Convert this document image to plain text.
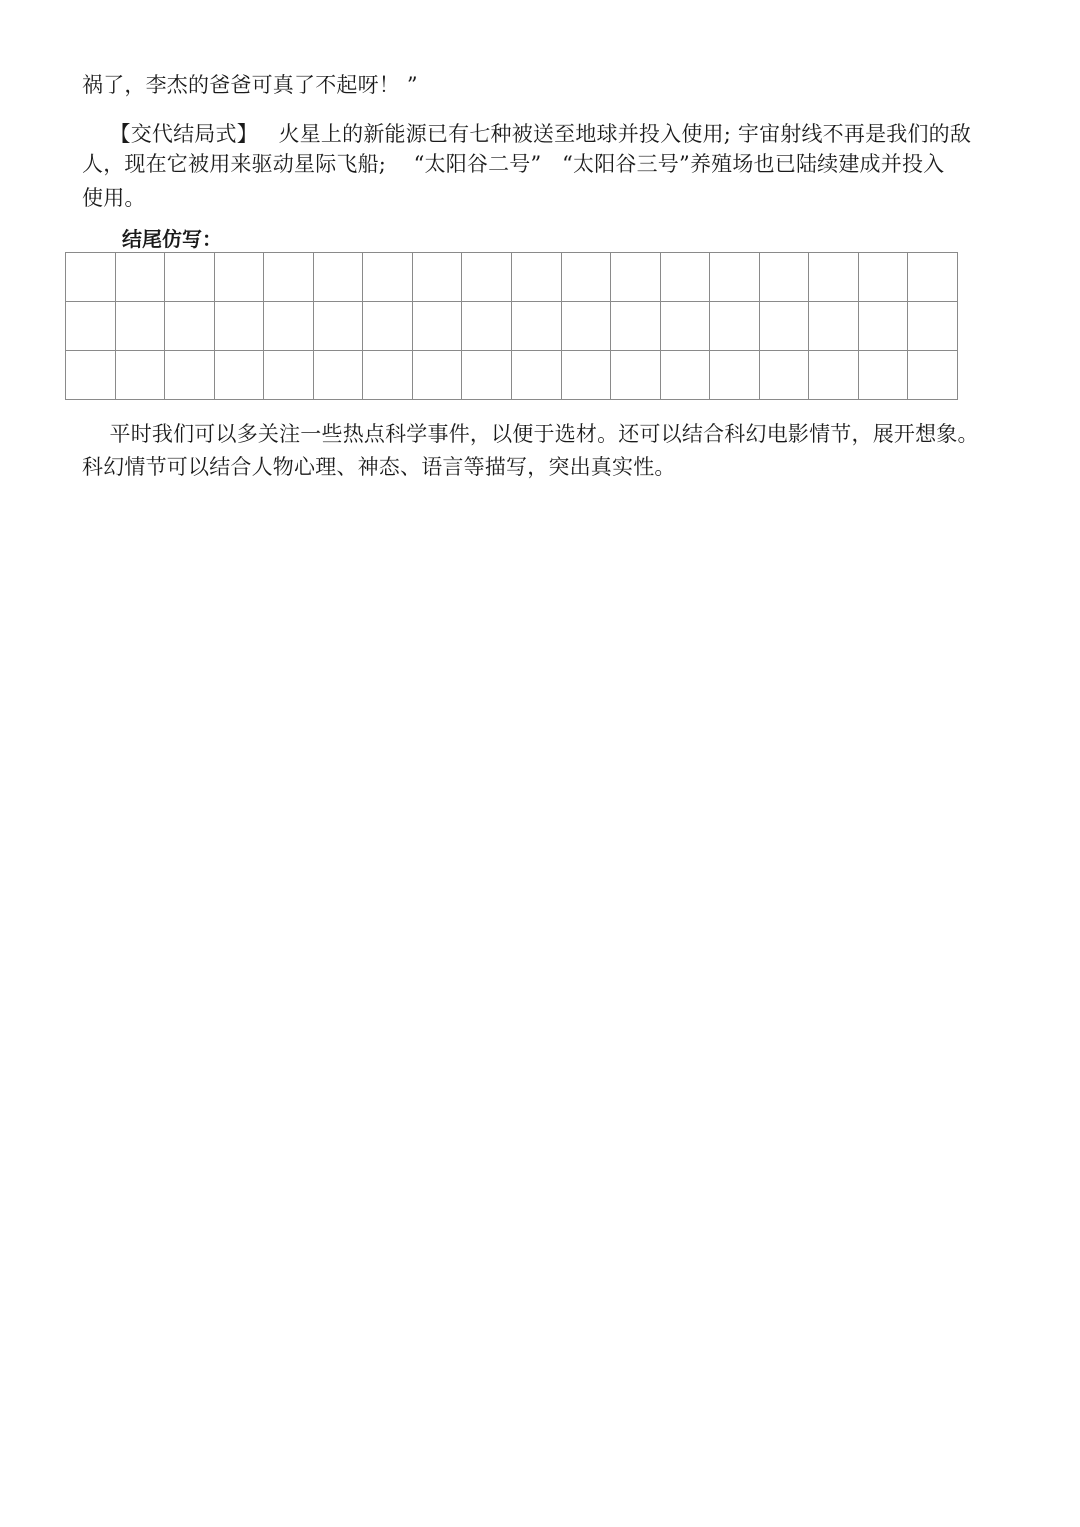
祸了，李杰的爸爸可真了不起呀！ ”
【交代结局式】   火星上的新能源已有七种被送至地球并投入使用; 宇宙射线不再是我们的敌
人，现在它被用来驱动星际飞船;    “太阳谷二号”   “太阳谷三号”养殖场也已陆续建成并投入
使用。
结尾仿写：
平时我们可以多关注一些热点科学事件，以便于选材。还可以结合科幻电影情节，展开想象。
科幻情节可以结合人物心理、神态、语言等描写，突出真实性。
